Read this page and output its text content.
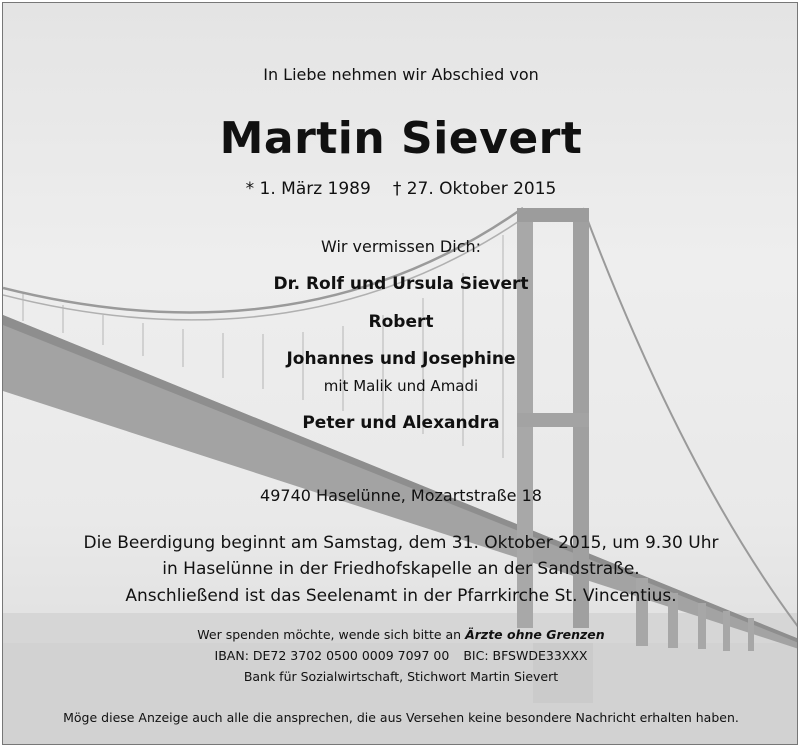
In Liebe nehmen wir Abschied von
Martin Sievert
* 1. März 1989 † 27. Oktober 2015
Wir vermissen Dich:
Dr. Rolf und Ursula Sievert
Robert
Johannes und Josephine
mit Malik und Amadi
Peter und Alexandra
49740 Haselünne, Mozartstraße 18
Die Beerdigung beginnt am Samstag, dem 31. Oktober 2015, um 9.30 Uhr
in Haselünne in der Friedhofskapelle an der Sandstraße.
Anschließend ist das Seelenamt in der Pfarrkirche St. Vincentius.
Wer spenden möchte, wende sich bitte an Ärzte ohne Grenzen
IBAN: DE72 3702 0500 0009 7097 00 BIC: BFSWDE33XXX
Bank für Sozialwirtschaft, Stichwort Martin Sievert
Möge diese Anzeige auch alle die ansprechen, die aus Versehen keine besondere Nachricht erhalten haben.
